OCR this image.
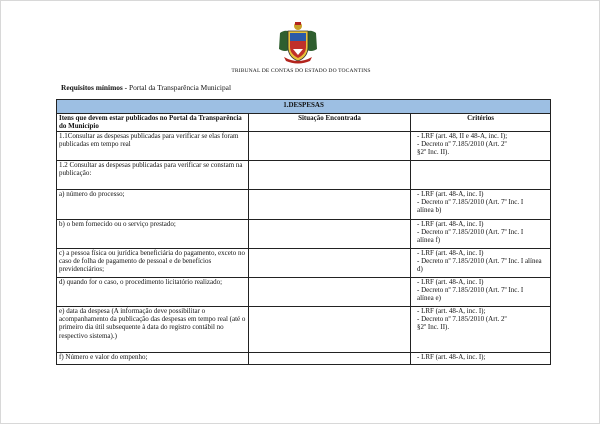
TRIBUNAL DE CONTAS DO ESTADO DO TOCANTINS
Requisitos mínimos - Portal da Transparência Municipal
1.DESPESAS		
Itens que devem estar publicados no Portal da Transparência do Município	Situação Encontrada	Critérios
1.1Consultar as despesas publicadas para verificar se elas foram publicadas em tempo real		- LRF (art. 48, II e 48-A, inc. I);
- Decreto nº 7.185/2010 (Art. 2º
§2º Inc. II).

1.2 Consultar as despesas publicadas para verificar se constam na publicação:		
a) número do processo;		- LRF (art. 48-A, inc. I)
- Decreto nº 7.185/2010 (Art. 7º Inc. I
alínea b)

b) o bem fornecido ou o serviço prestado;		- LRF (art. 48-A, inc. I)
- Decreto nº 7.185/2010 (Art. 7º Inc. I
alínea f)

c) a pessoa física ou jurídica beneficiária do pagamento, exceto no caso de folha de pagamento de pessoal e de benefícios previdenciários;		- LRF (art. 48-A, inc. I)
- Decreto nº 7.185/2010 (Art. 7º Inc. I alínea d)

d) quando for o caso, o procedimento licitatório realizado;		- LRF (art. 48-A, inc. I)
- Decreto nº 7.185/2010 (Art. 7º Inc. I
alínea e)

e) data da despesa (A informação deve possibilitar o acompanhamento da publicação das despesas em tempo real (até o primeiro dia útil subsequente à data do registro contábil no respectivo sistema).)		- LRF (art. 48-A, inc. I);
- Decreto nº 7.185/2010 (Art. 2º
§2º Inc. II).

f) Número e valor do empenho;		- LRF (art. 48-A, inc. I);
